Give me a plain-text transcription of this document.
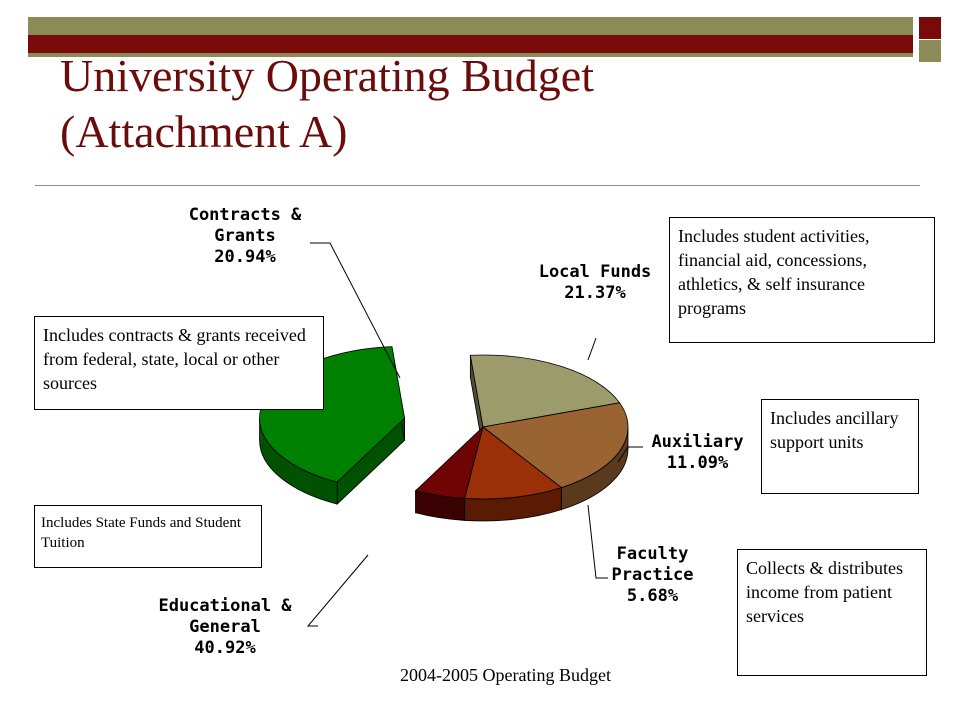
University Operating Budget
(Attachment A)
Contracts &
Grants
20.94%
Local Funds
21.37%
Auxiliary
11.09%
Faculty
Practice
5.68%
Educational &
General
40.92%
Includes contracts & grants received from federal, state, local or other sources
Includes student activities, financial aid, concessions, athletics, & self insurance programs
Includes ancillary support units
Includes State Funds and Student Tuition
Collects & distributes income from patient services
2004-2005 Operating Budget
